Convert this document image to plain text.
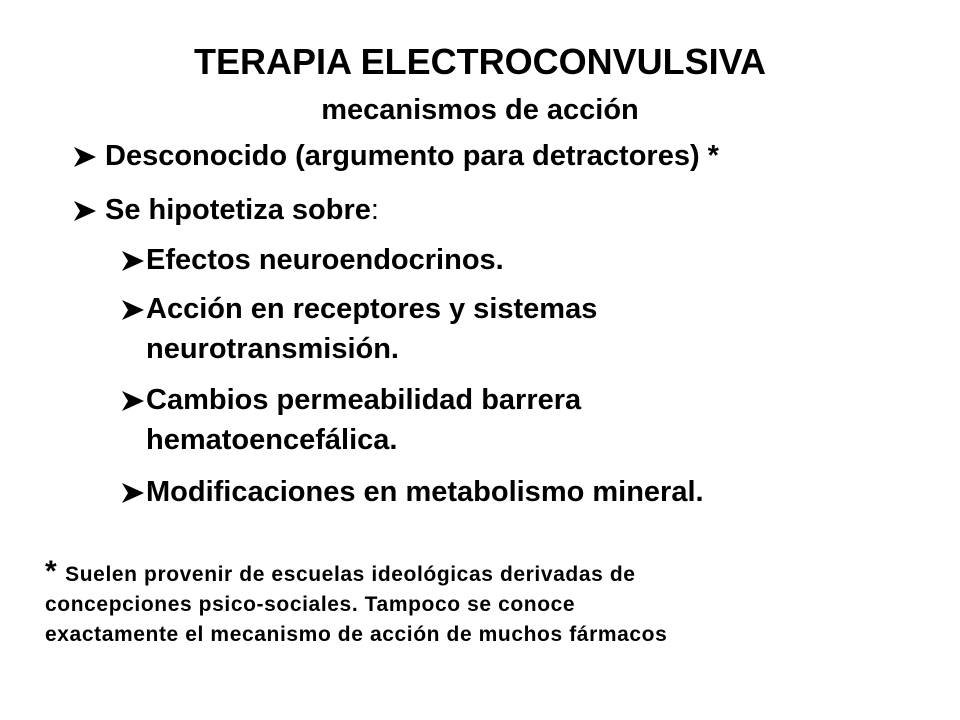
TERAPIA ELECTROCONVULSIVA
mecanismos de acción
Desconocido (argumento para detractores) *
Se hipotetiza sobre:
Efectos neuroendocrinos.
Acción en receptores y sistemas
neurotransmisión.
Cambios permeabilidad barrera
hematoencefálica.
Modificaciones en metabolismo mineral.
* Suelen provenir de escuelas ideológicas derivadas de
concepciones psico-sociales. Tampoco se conoce
exactamente el mecanismo de acción de muchos fármacos
